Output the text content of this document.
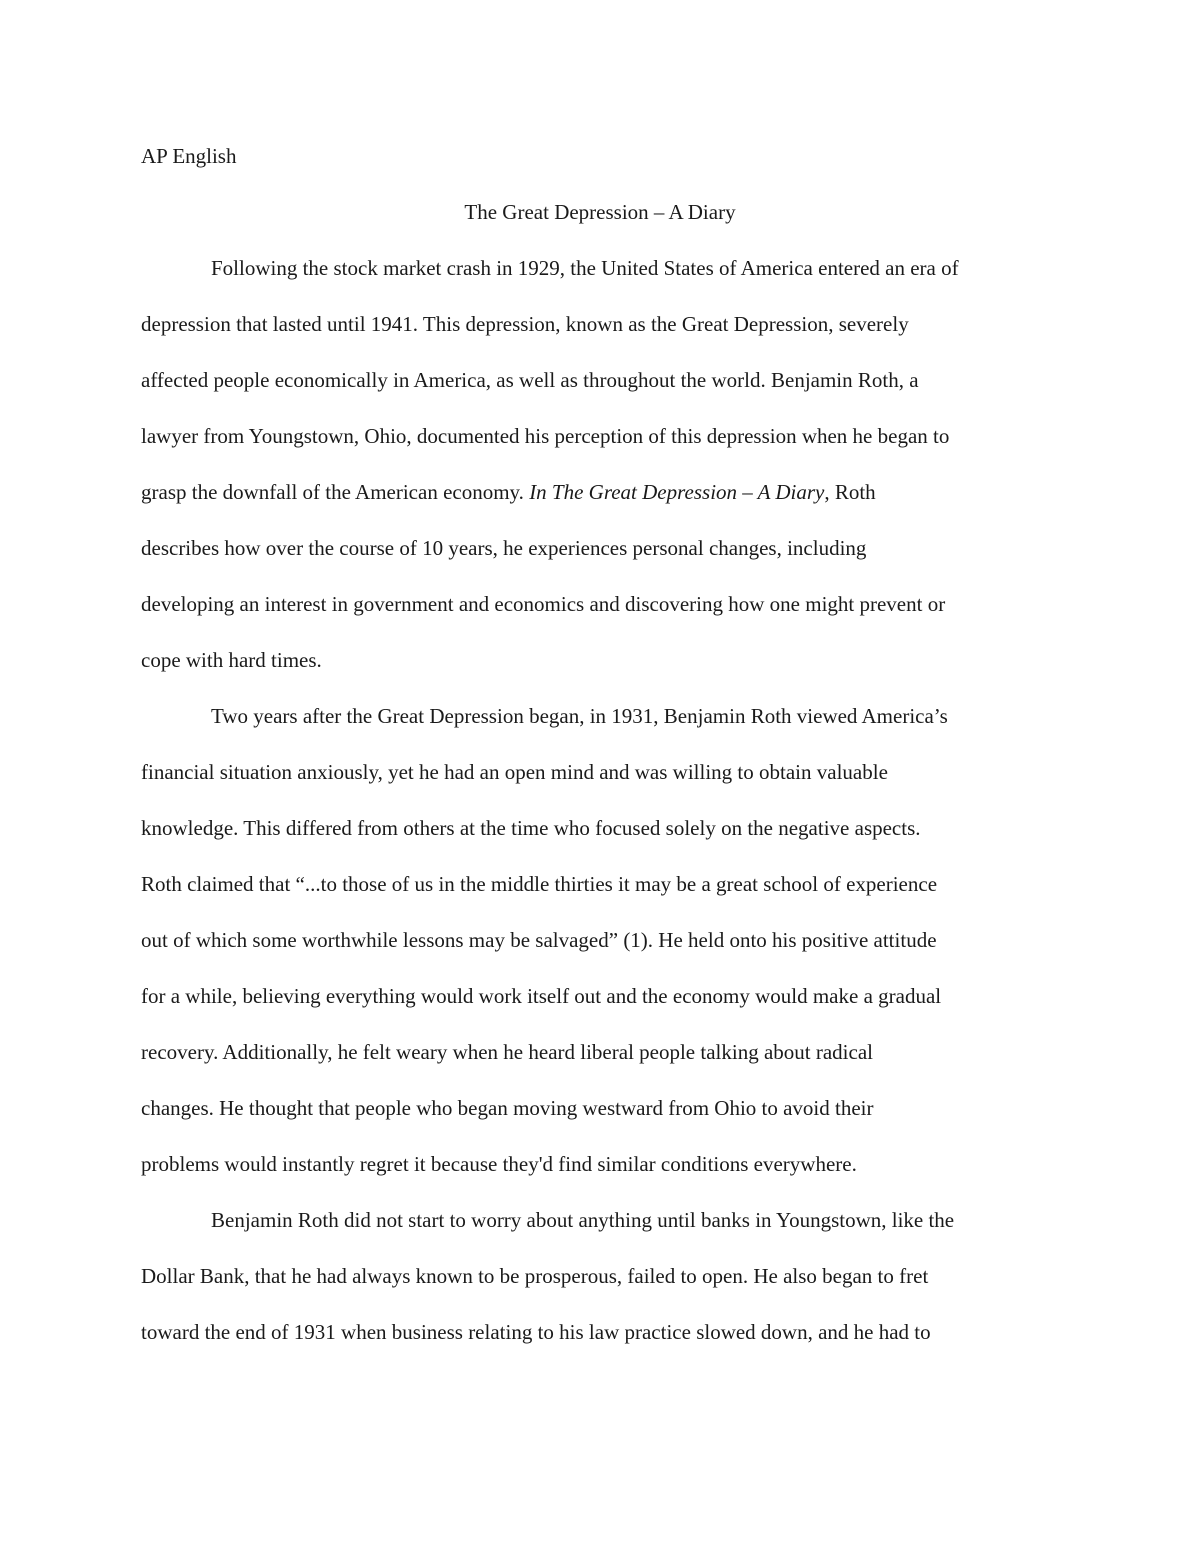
AP English
The Great Depression – A Diary
Following the stock market crash in 1929, the United States of America entered an era of
depression that lasted until 1941. This depression, known as the Great Depression, severely
affected people economically in America, as well as throughout the world. Benjamin Roth, a
lawyer from Youngstown, Ohio, documented his perception of this depression when he began to
grasp the downfall of the American economy. In The Great Depression – A Diary, Roth
describes how over the course of 10 years, he experiences personal changes, including
developing an interest in government and economics and discovering how one might prevent or
cope with hard times.
Two years after the Great Depression began, in 1931, Benjamin Roth viewed America’s
financial situation anxiously, yet he had an open mind and was willing to obtain valuable
knowledge. This differed from others at the time who focused solely on the negative aspects.
Roth claimed that “...to those of us in the middle thirties it may be a great school of experience
out of which some worthwhile lessons may be salvaged” (1). He held onto his positive attitude
for a while, believing everything would work itself out and the economy would make a gradual
recovery. Additionally, he felt weary when he heard liberal people talking about radical
changes. He thought that people who began moving westward from Ohio to avoid their
problems would instantly regret it because they'd find similar conditions everywhere.
Benjamin Roth did not start to worry about anything until banks in Youngstown, like the
Dollar Bank, that he had always known to be prosperous, failed to open. He also began to fret
toward the end of 1931 when business relating to his law practice slowed down, and he had to
